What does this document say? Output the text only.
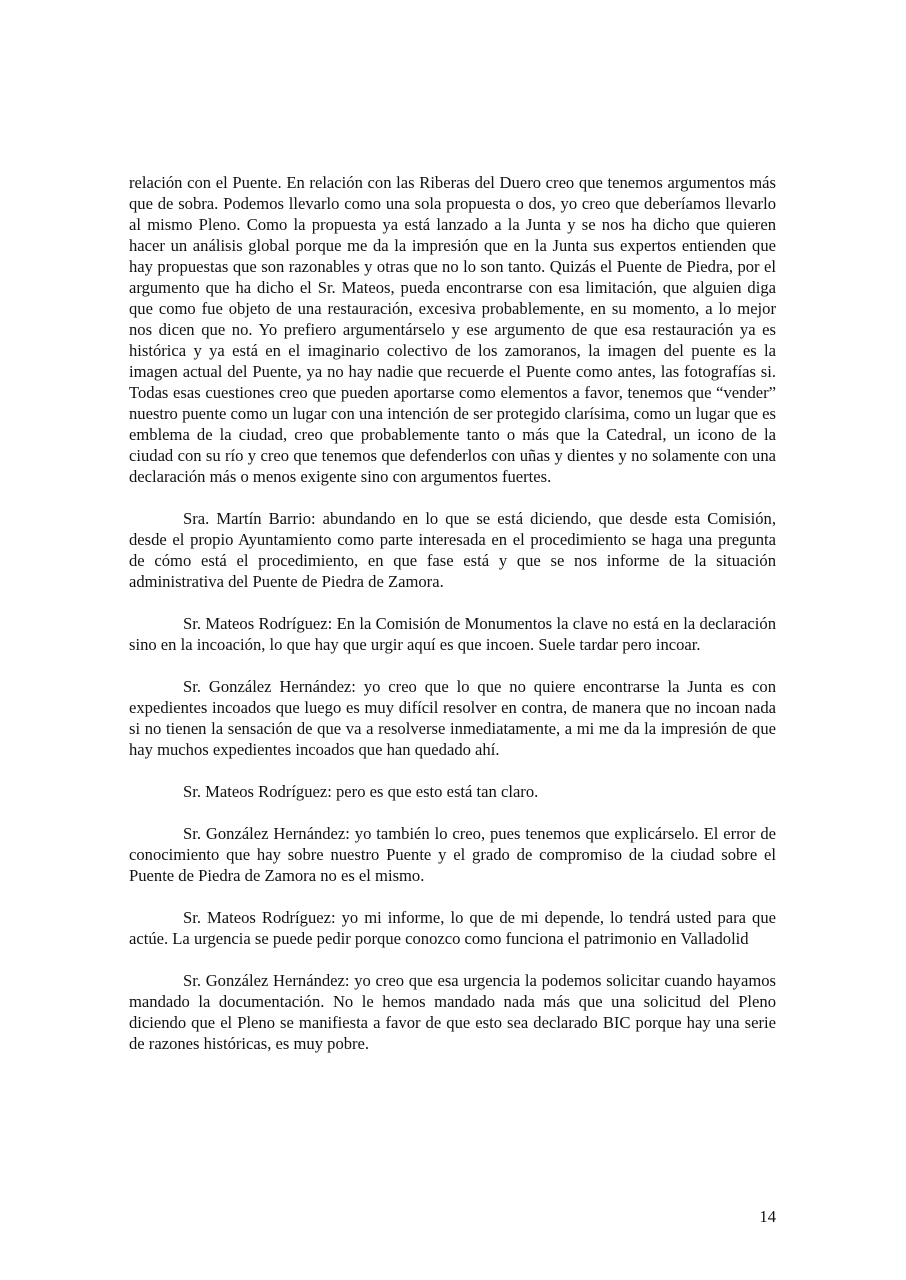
relación con el Puente. En relación con las Riberas del Duero creo que tenemos argumentos más que de sobra. Podemos llevarlo como una sola propuesta o dos, yo creo que deberíamos llevarlo al mismo Pleno. Como la propuesta ya está lanzado a la Junta y se nos ha dicho que quieren hacer un análisis global porque me da la impresión que en la Junta sus expertos entienden que hay propuestas que son razonables y otras que no lo son tanto. Quizás el Puente de Piedra, por el argumento que ha dicho el Sr. Mateos, pueda encontrarse con esa limitación, que alguien diga que como fue objeto de una restauración, excesiva probablemente, en su momento, a lo mejor nos dicen que no. Yo prefiero argumentárselo y ese argumento de que esa restauración ya es histórica y ya está en el imaginario colectivo de los zamoranos, la imagen del puente es la imagen actual del Puente, ya no hay nadie que recuerde el Puente como antes, las fotografías si. Todas esas cuestiones creo que pueden aportarse como elementos a favor, tenemos que “vender” nuestro puente como un lugar con una intención de ser protegido clarísima, como un lugar que es emblema de la ciudad, creo que probablemente tanto o más que la Catedral, un icono de la ciudad con su río y creo que tenemos que defenderlos con uñas y dientes y no solamente con una declaración más o menos exigente sino con argumentos fuertes.

Sra. Martín Barrio: abundando en lo que se está diciendo, que desde esta Comisión, desde el propio Ayuntamiento como parte interesada en el procedimiento se haga una pregunta de cómo está el procedimiento, en que fase está y que se nos informe de la situación administrativa del Puente de Piedra de Zamora.

Sr. Mateos Rodríguez: En la Comisión de Monumentos la clave no está en la declaración sino en la incoación, lo que hay que urgir aquí es que incoen. Suele tardar pero incoar.

Sr. González Hernández: yo creo que lo que no quiere encontrarse la Junta es con expedientes incoados que luego es muy difícil resolver en contra, de manera que no incoan nada si no tienen la sensación de que va a resolverse inmediatamente, a mi me da la impresión de que hay muchos expedientes incoados que han quedado ahí.

Sr. Mateos Rodríguez: pero es que esto está tan claro.

Sr. González Hernández: yo también lo creo, pues tenemos que explicárselo. El error de conocimiento que hay sobre nuestro Puente y el grado de compromiso de la ciudad sobre el Puente de Piedra de Zamora no es el mismo.

Sr. Mateos Rodríguez: yo mi informe, lo que de mi depende, lo tendrá usted para que actúe. La urgencia se puede pedir porque conozco como funciona el patrimonio en Valladolid

Sr. González Hernández: yo creo que esa urgencia la podemos solicitar cuando hayamos mandado la documentación. No le hemos mandado nada más que una solicitud del Pleno diciendo que el Pleno se manifiesta a favor de que esto sea declarado BIC porque hay una serie de razones históricas, es muy pobre.

14
